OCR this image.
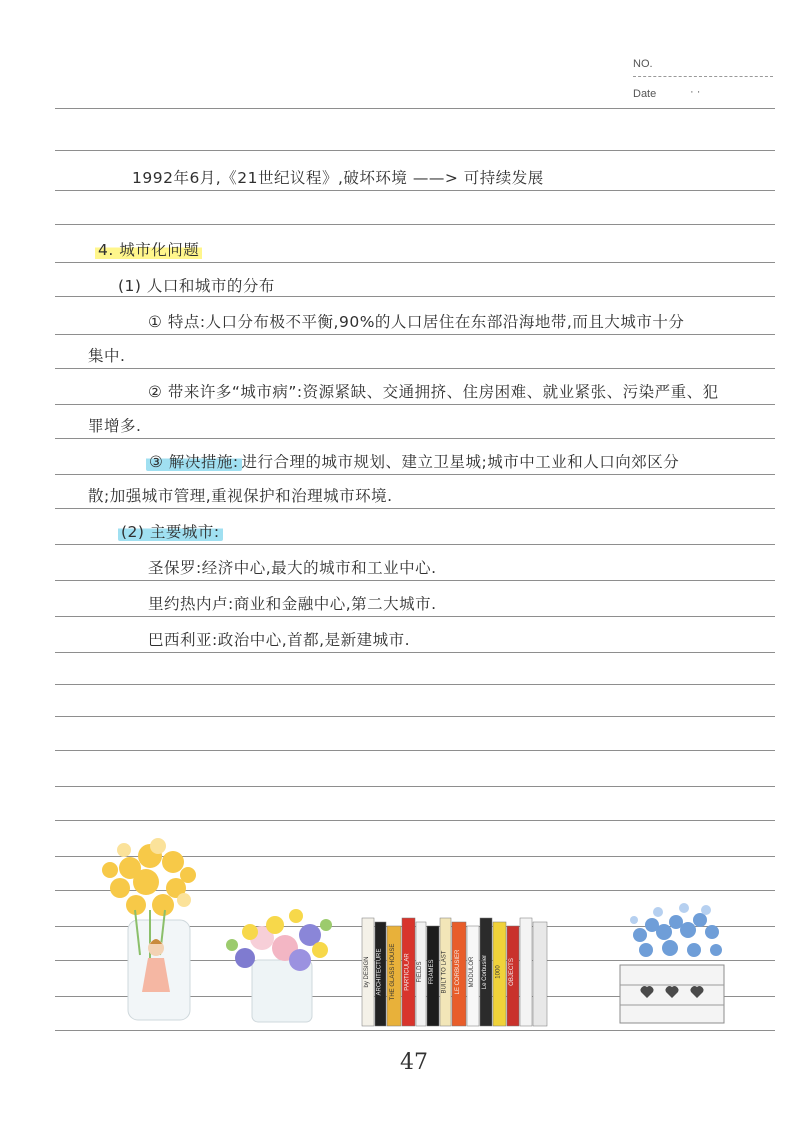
NO.
Date	· ·
1992年6月,《21世纪议程》,破坏环境 ——> 可持续发展
4. 城市化问题
(1) 人口和城市的分布
① 特点:人口分布极不平衡,90%的人口居住在东部沿海地带,而且大城市十分
集中.
② 带来许多“城市病”:资源紧缺、交通拥挤、住房困难、就业紧张、污染严重、犯
罪增多.
③ 解决措施: 进行合理的城市规划、建立卫星城;城市中工业和人口向郊区分
散;加强城市管理,重视保护和治理城市环境.
(2) 主要城市:
圣保罗:经济中心,最大的城市和工业中心.
里约热内卢:商业和金融中心,第二大城市.
巴西利亚:政治中心,首都,是新建城市.
by DESIGN ARCHITECTURE THE GLASS HOUSE PARTICULAR FIELDS FRAMES BUILT TO LAST LE CORBUSIER MODULOR Le Corbusier 1000 OBJECTS
47
